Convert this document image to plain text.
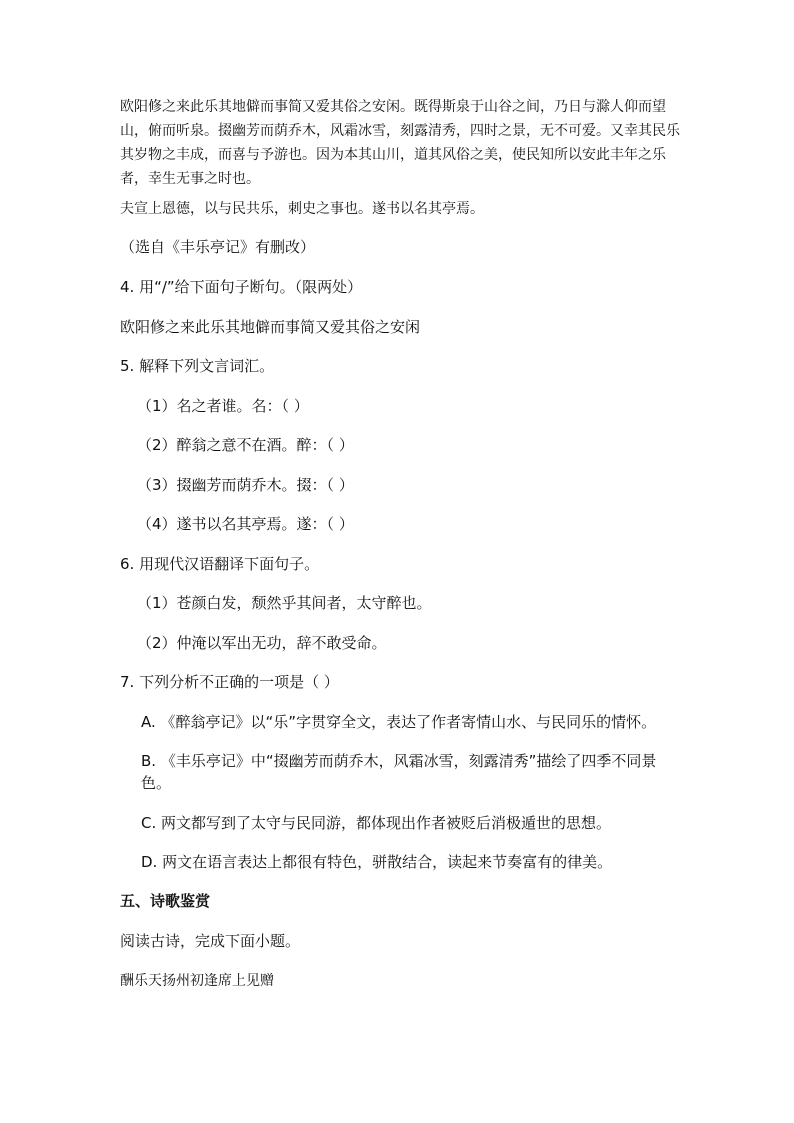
欧阳修之来此乐其地僻而事简又爱其俗之安闲。既得斯泉于山谷之间，乃日与滁人仰而望山，俯而听泉。掇幽芳而荫乔木，风霜冰雪，刻露清秀，四时之景，无不可爱。又幸其民乐其岁物之丰成，而喜与予游也。因为本其山川，道其风俗之美，使民知所以安此丰年之乐者，幸生无事之时也。
夫宣上恩德，以与民共乐，刺史之事也。遂书以名其亭焉。
（选自《丰乐亭记》有删改）
4. 用“/”给下面句子断句。（限两处）
欧阳修之来此乐其地僻而事简又爱其俗之安闲
5. 解释下列文言词汇。
（1）名之者谁。名：（ ）
（2）醉翁之意不在酒。醉：（ ）
（3）掇幽芳而荫乔木。掇：（ ）
（4）遂书以名其亭焉。遂：（ ）
6. 用现代汉语翻译下面句子。
（1）苍颜白发，颓然乎其间者，太守醉也。
（2）仲淹以军出无功，辞不敢受命。
7. 下列分析不正确的一项是（ ）
A. 《醉翁亭记》以“乐”字贯穿全文，表达了作者寄情山水、与民同乐的情怀。
B. 《丰乐亭记》中“掇幽芳而荫乔木，风霜冰雪，刻露清秀”描绘了四季不同景色。
C. 两文都写到了太守与民同游，都体现出作者被贬后消极遁世的思想。
D. 两文在语言表达上都很有特色，骈散结合，读起来节奏富有的律美。
五、诗歌鉴赏
阅读古诗，完成下面小题。
酬乐天扬州初逢席上见赠
